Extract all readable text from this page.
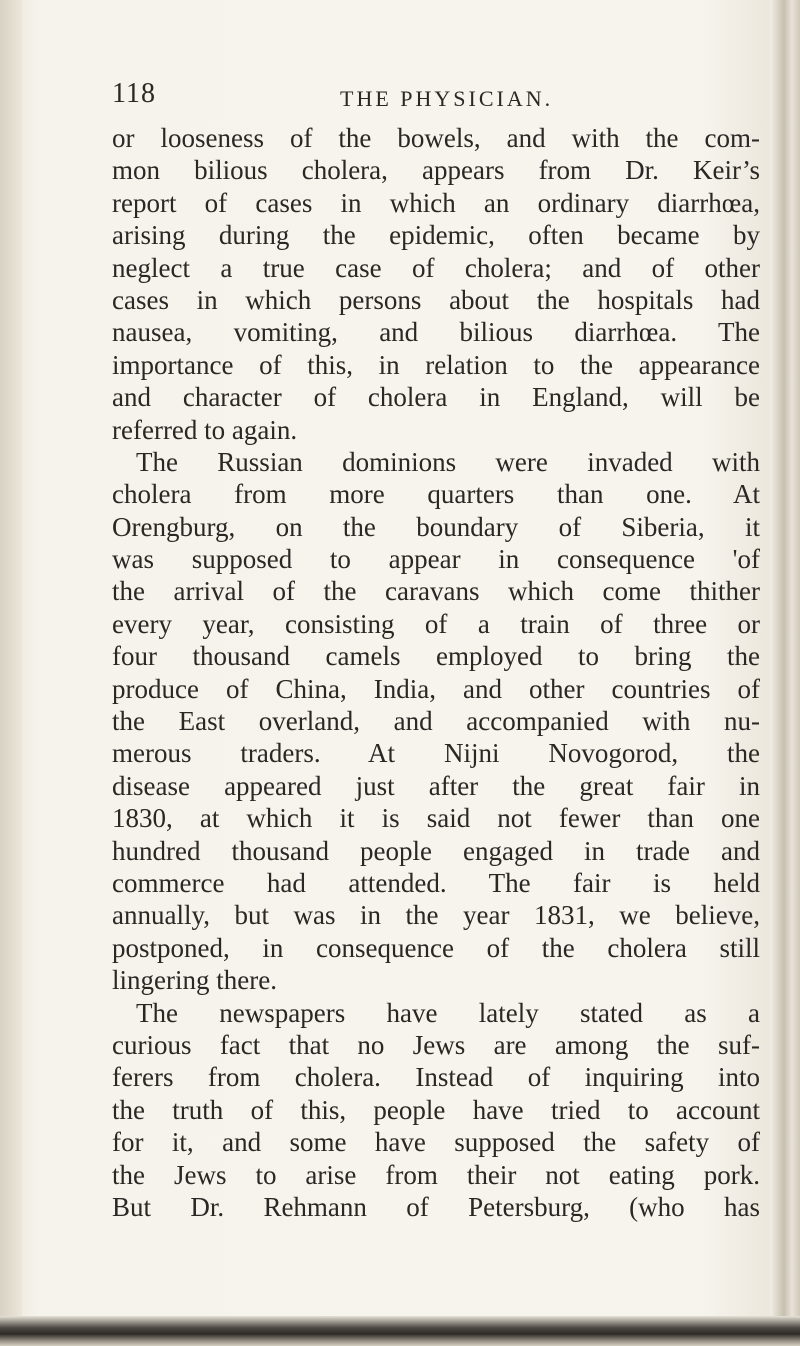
118	THE PHYSICIAN.
or looseness of the bowels, and with the com-
mon bilious cholera, appears from Dr. Keir’s
report of cases in which an ordinary diarrhœa,
arising during the epidemic, often became by
neglect a true case of cholera; and of other
cases in which persons about the hospitals had
nausea, vomiting, and bilious diarrhœa. The
importance of this, in relation to the appearance
and character of cholera in England, will be
referred to again.
The Russian dominions were invaded with
cholera from more quarters than one. At
Orengburg, on the boundary of Siberia, it
was supposed to appear in consequence 'of
the arrival of the caravans which come thither
every year, consisting of a train of three or
four thousand camels employed to bring the
produce of China, India, and other countries of
the East overland, and accompanied with nu-
merous traders. At Nijni Novogorod, the
disease appeared just after the great fair in
1830, at which it is said not fewer than one
hundred thousand people engaged in trade and
commerce had attended. The fair is held
annually, but was in the year 1831, we believe,
postponed, in consequence of the cholera still
lingering there.
The newspapers have lately stated as a
curious fact that no Jews are among the suf-
ferers from cholera. Instead of inquiring into
the truth of this, people have tried to account
for it, and some have supposed the safety of
the Jews to arise from their not eating pork.
But Dr. Rehmann of Petersburg, (who has
